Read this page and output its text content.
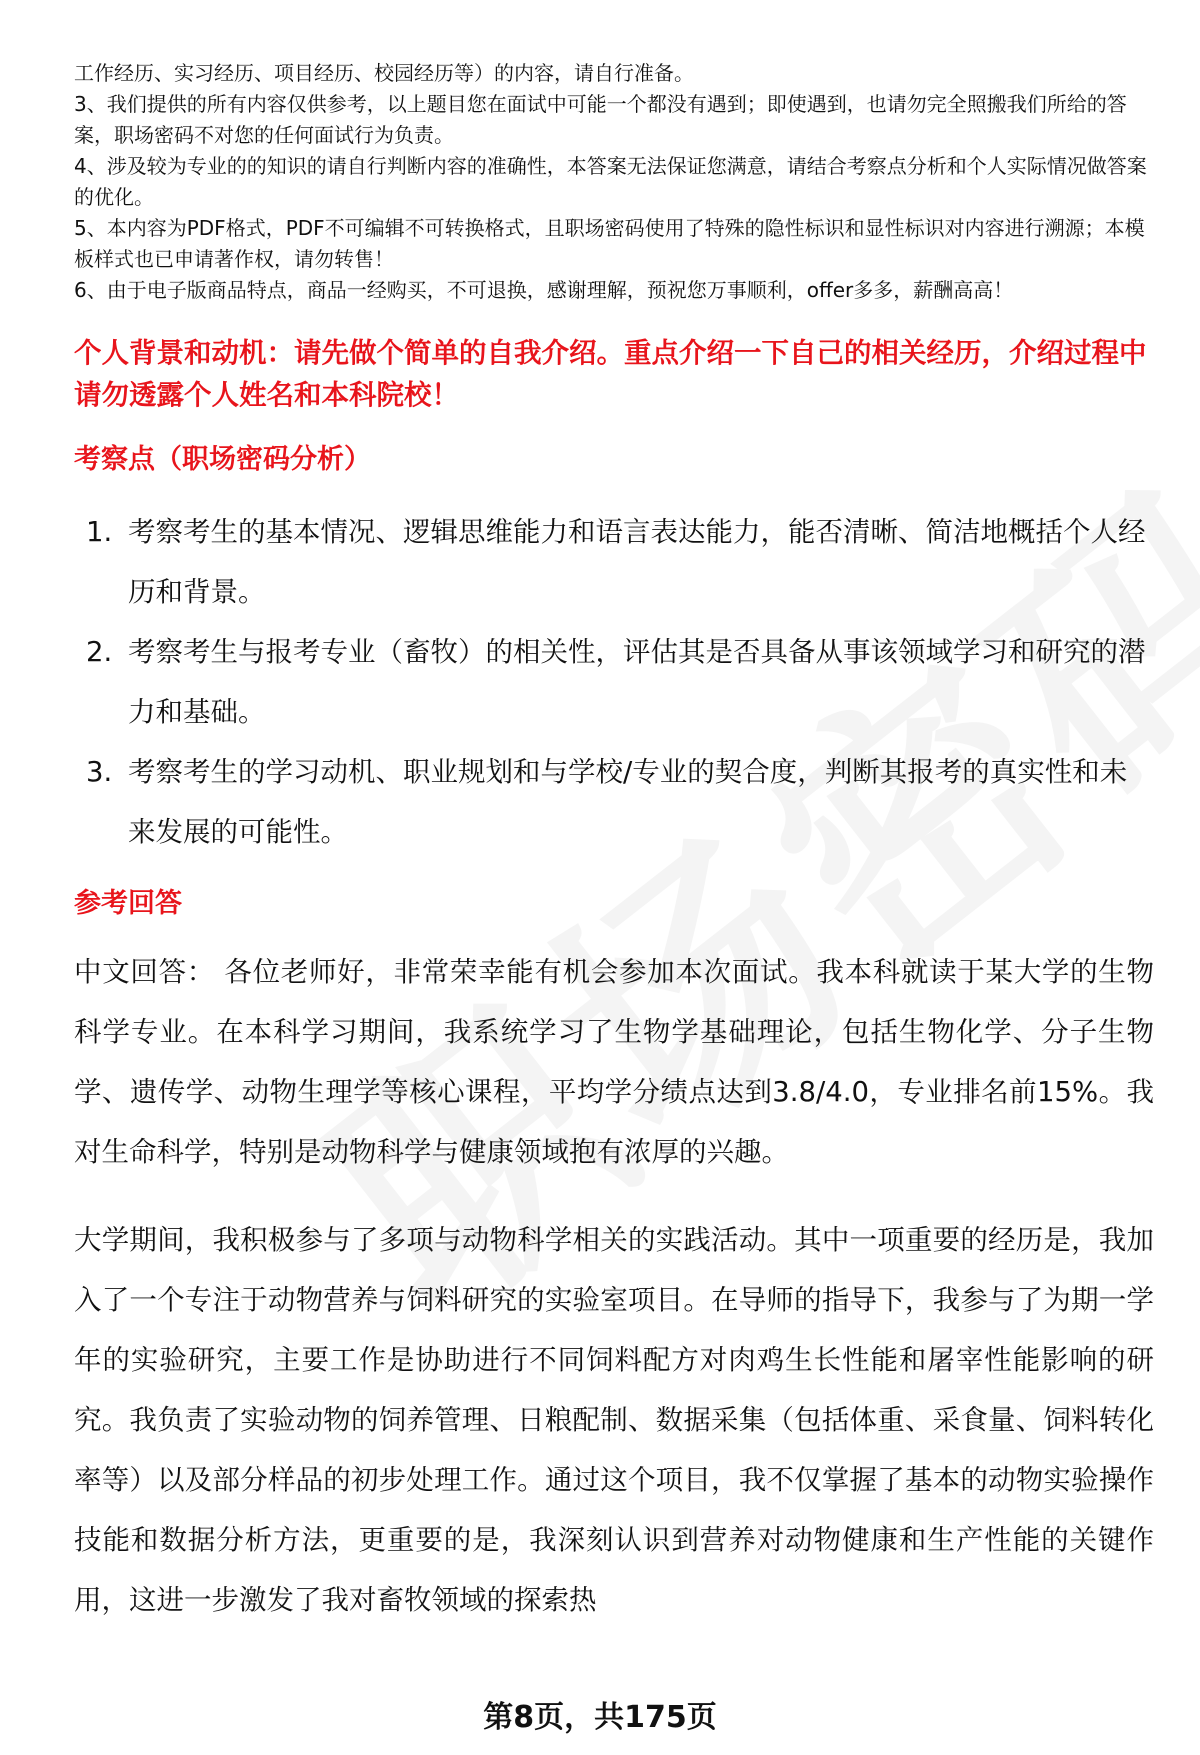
工作经历、实习经历、项目经历、校园经历等）的内容，请自行准备。

3、我们提供的所有内容仅供参考，以上题目您在面试中可能一个都没有遇到；即使遇到，也请勿完全照搬我们所给的答案，职场密码不对您的任何面试行为负责。

4、涉及较为专业的的知识的请自行判断内容的准确性，本答案无法保证您满意，请结合考察点分析和个人实际情况做答案的优化。

5、本内容为PDF格式，PDF不可编辑不可转换格式，且职场密码使用了特殊的隐性标识和显性标识对内容进行溯源；本模板样式也已申请著作权，请勿转售！

6、由于电子版商品特点，商品一经购买，不可退换，感谢理解，预祝您万事顺利，offer多多，薪酬高高！

个人背景和动机：请先做个简单的自我介绍。重点介绍一下自己的相关经历，介绍过程中请勿透露个人姓名和本科院校！
考察点（职场密码分析）
1. 考察考生的基本情况、逻辑思维能力和语言表达能力，能否清晰、简洁地概括个人经历和背景。
2. 考察考生与报考专业（畜牧）的相关性，评估其是否具备从事该领域学习和研究的潜力和基础。
3. 考察考生的学习动机、职业规划和与学校/专业的契合度，判断其报考的真实性和未来发展的可能性。
参考回答

中文回答： 各位老师好，非常荣幸能有机会参加本次面试。我本科就读于某大学的生物科学专业。在本科学习期间，我系统学习了生物学基础理论，包括生物化学、分子生物学、遗传学、动物生理学等核心课程，平均学分绩点达到3.8/4.0，专业排名前15%。我对生命科学，特别是动物科学与健康领域抱有浓厚的兴趣。

大学期间，我积极参与了多项与动物科学相关的实践活动。其中一项重要的经历是，我加入了一个专注于动物营养与饲料研究的实验室项目。在导师的指导下，我参与了为期一学年的实验研究，主要工作是协助进行不同饲料配方对肉鸡生长性能和屠宰性能影响的研究。我负责了实验动物的饲养管理、日粮配制、数据采集（包括体重、采食量、饲料转化率等）以及部分样品的初步处理工作。通过这个项目，我不仅掌握了基本的动物实验操作技能和数据分析方法，更重要的是，我深刻认识到营养对动物健康和生产性能的关键作用，这进一步激发了我对畜牧领域的探索热

第8页，共175页
